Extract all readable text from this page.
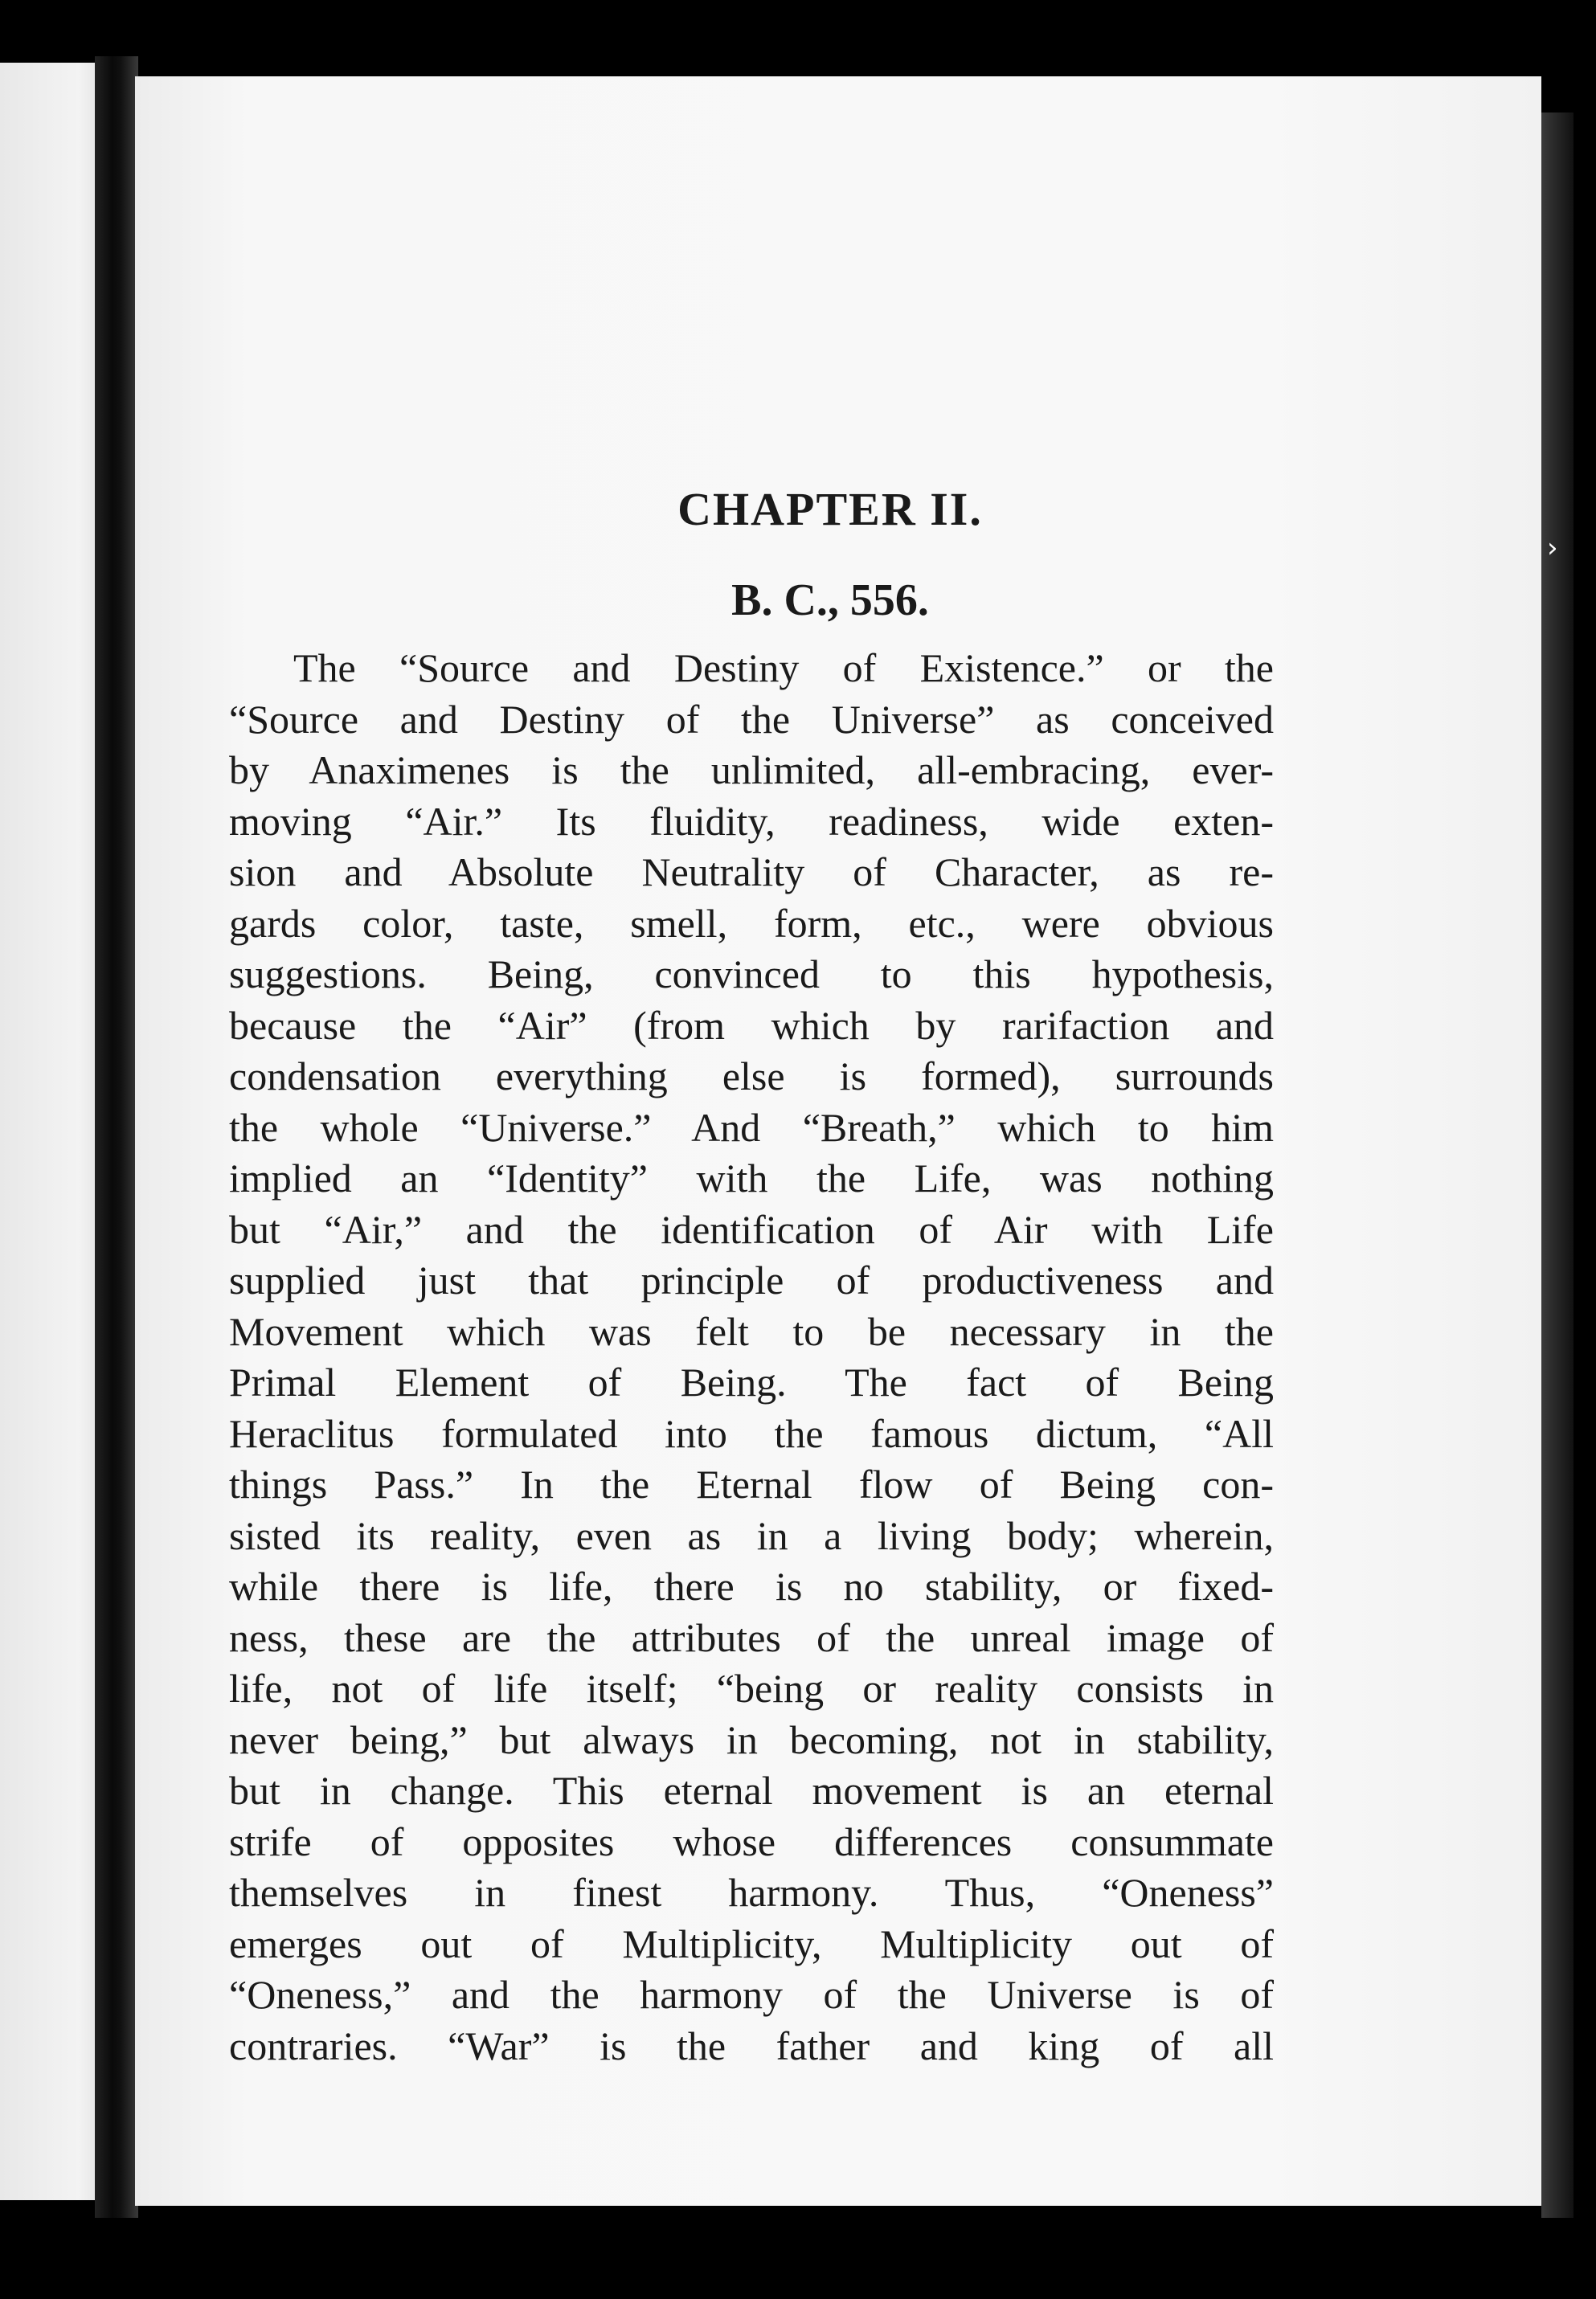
›
CHAPTER II.
B. C., 556.
The “Source and Destiny of Existence.” or the
“Source and Destiny of the Universe” as conceived
by Anaximenes is the unlimited, all-embracing, ever-
moving “Air.” Its fluidity, readiness, wide exten-
sion and Absolute Neutrality of Character, as re-
gards color, taste, smell, form, etc., were obvious
suggestions. Being, convinced to this hypothesis,
because the “Air” (from which by rarifaction and
condensation everything else is formed), surrounds
the whole “Universe.” And “Breath,” which to him
implied an “Identity” with the Life, was nothing
but “Air,” and the identification of Air with Life
supplied just that principle of productiveness and
Movement which was felt to be necessary in the
Primal Element of Being. The fact of Being
Heraclitus formulated into the famous dictum, “All
things Pass.” In the Eternal flow of Being con-
sisted its reality, even as in a living body; wherein,
while there is life, there is no stability, or fixed-
ness, these are the attributes of the unreal image of
life, not of life itself; “being or reality consists in
never being,” but always in becoming, not in stability,
but in change. This eternal movement is an eternal
strife of opposites whose differences consummate
themselves in finest harmony. Thus, “Oneness”
emerges out of Multiplicity, Multiplicity out of
“Oneness,” and the harmony of the Universe is of
contraries. “War” is the father and king of all
